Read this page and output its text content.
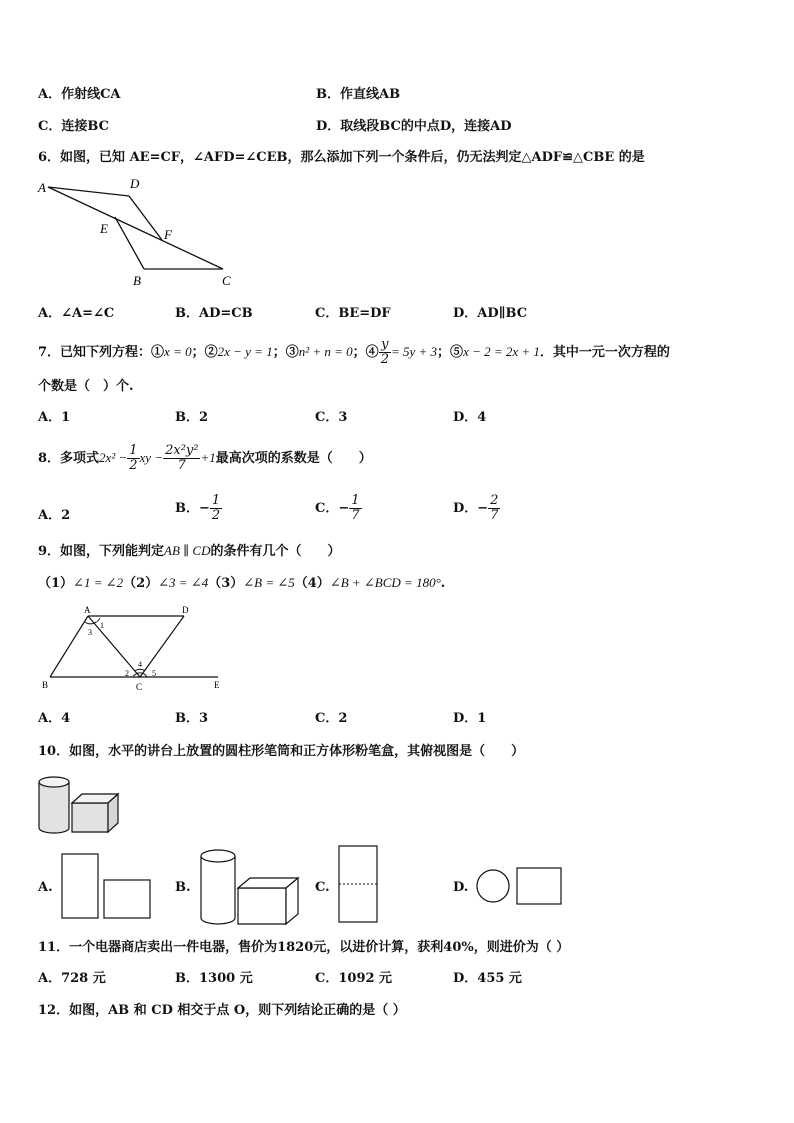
A．作射线CA	B．作直线AB
C．连接BC	D．取线段BC的中点D，连接AD
6．如图，已知 AE=CF，∠AFD=∠CEB，那么添加下列一个条件后，仍无法判定△ADF≌△CBE 的是
A	D
E	F
B	C
A．∠A=∠C	B．AD=CB	C．BE=DF	D．AD∥BC
7．已知下列方程：①x = 0；②2x − y = 1；③n² + n = 0；④ $\frac{y}{2} = 5y + 3$；⑤x − 2 = 2x + 1．其中一元一次方程的
个数是（　）个.
A．1	B．2	C．3	D．4
8．多项式$2x^2 - \frac{1}{2}$ xy − $\frac{\text{2x²y²}}{7} +1$最高次项的系数是（　　）
A．2	B．− $\frac{1}{2}$	C．− $\frac{1}{7}$	D．− $\frac{2}{7}$
9．如图，下列能判定AB ∥ CD的条件有几个（　　）
（1）∠1 = ∠2（2）∠3 = ∠4（3）∠B = ∠5（4）∠B + ∠BCD = 180°.
A	D
B	C	E
1
2
3
4
5
A．4	B．3	C．2	D．1
10．如图，水平的讲台上放置的圆柱形笔筒和正方体形粉笔盒，其俯视图是（　　）
A.	B.	C.	D.
11．一个电器商店卖出一件电器，售价为1820元，以进价计算，获利40%，则进价为（ ）
A．728 元	B．1300 元	C．1092 元	D．455 元
12．如图，AB 和 CD 相交于点 O，则下列结论正确的是（ ）
